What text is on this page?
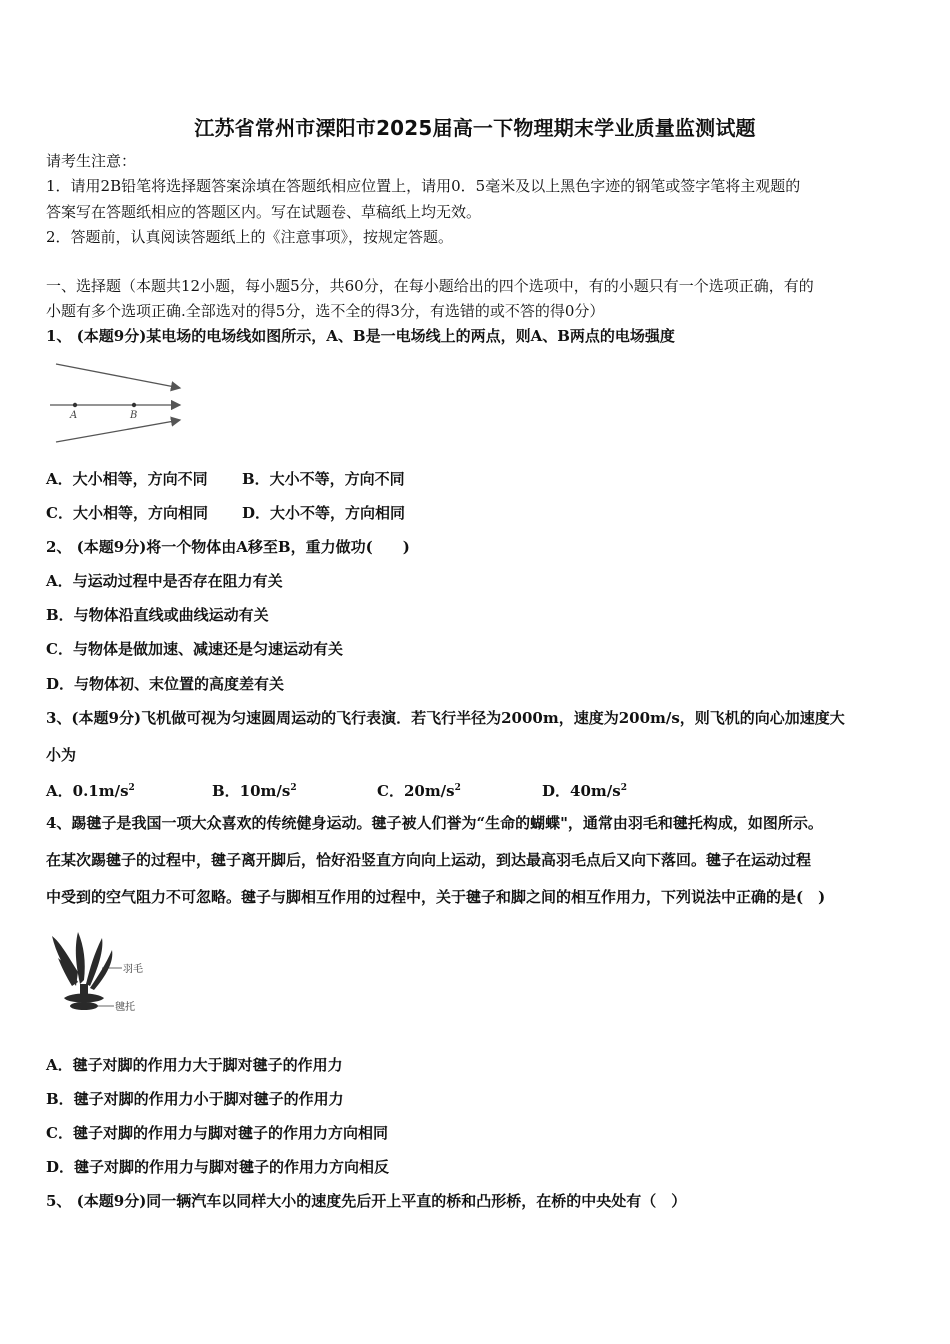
江苏省常州市溧阳市2025届高一下物理期末学业质量监测试题
请考生注意：
1．请用2B铅笔将选择题答案涂填在答题纸相应位置上，请用0．5毫米及以上黑色字迹的钢笔或签字笔将主观题的
答案写在答题纸相应的答题区内。写在试题卷、草稿纸上均无效。
2．答题前，认真阅读答题纸上的《注意事项》，按规定答题。
一、选择题（本题共12小题，每小题5分，共60分，在每小题给出的四个选项中，有的小题只有一个选项正确，有的
小题有多个选项正确.全部选对的得5分，选不全的得3分，有选错的或不答的得0分）
1、 (本题9分)某电场的电场线如图所示，A、B是一电场线上的两点，则A、B两点的电场强度
A	B
A．大小相等，方向不同 B．大小不等，方向不同
C．大小相等，方向相同 D．大小不等，方向相同
2、 (本题9分)将一个物体由A移至B，重力做功(　　)
A．与运动过程中是否存在阻力有关
B．与物体沿直线或曲线运动有关
C．与物体是做加速、减速还是匀速运动有关
D．与物体初、末位置的高度差有关
3、(本题9分)飞机做可视为匀速圆周运动的飞行表演．若飞行半径为2000m，速度为200m/s，则飞机的向心加速度大
小为
A．$0.1m/s^2$	B．$10m/s^2$	C．$20m/s^2$	D．$40m/s^2$
4、踢毽子是我国一项大众喜欢的传统健身运动。毽子被人们誉为“生命的蝴蝶"，通常由羽毛和毽托构成，如图所示。
在某次踢毽子的过程中，毽子离开脚后，恰好沿竖直方向向上运动，到达最高羽毛点后又向下落回。毽子在运动过程
中受到的空气阻力不可忽略。毽子与脚相互作用的过程中，关于毽子和脚之间的相互作用力，下列说法中正确的是(　)
羽毛
毽托
A．毽子对脚的作用力大于脚对毽子的作用力
B．毽子对脚的作用力小于脚对毽子的作用力
C．毽子对脚的作用力与脚对毽子的作用力方向相同
D．毽子对脚的作用力与脚对毽子的作用力方向相反
5、 (本题9分)同一辆汽车以同样大小的速度先后开上平直的桥和凸形桥，在桥的中央处有（　）
